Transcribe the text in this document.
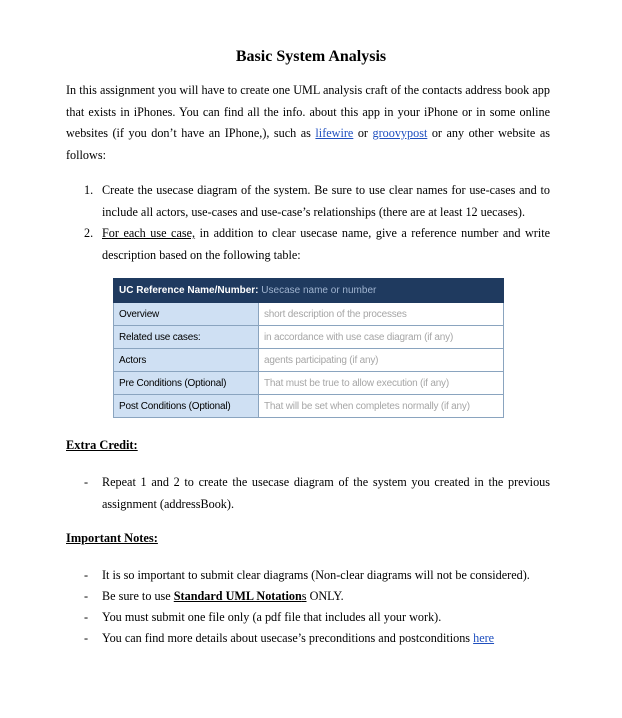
Basic System Analysis
In this assignment you will have to create one UML analysis craft of the contacts address book app that exists in iPhones. You can find all the info. about this app in your iPhone or in some online websites (if you don’t have an IPhone,), such as lifewire or groovypost or any other website as follows:
1. Create the usecase diagram of the system. Be sure to use clear names for use-cases and to include all actors, use-cases and use-case’s relationships (there are at least 12 uecases).
2. For each use case, in addition to clear usecase name, give a reference number and write description based on the following table:
UC Reference Name/Number: Usecase name or number	
Overview	short description of the processes
Related use cases:	in accordance with use case diagram (if any)
Actors	agents participating (if any)
Pre Conditions (Optional)	That must be true to allow execution (if any)
Post Conditions (Optional)	That will be set when completes normally (if any)
Extra Credit:
- Repeat 1 and 2 to create the usecase diagram of the system you created in the previous assignment (addressBook).
Important Notes:
- It is so important to submit clear diagrams (Non-clear diagrams will not be considered).
- Be sure to use Standard UML Notations ONLY.
- You must submit one file only (a pdf file that includes all your work).
- You can find more details about usecase’s preconditions and postconditions here
